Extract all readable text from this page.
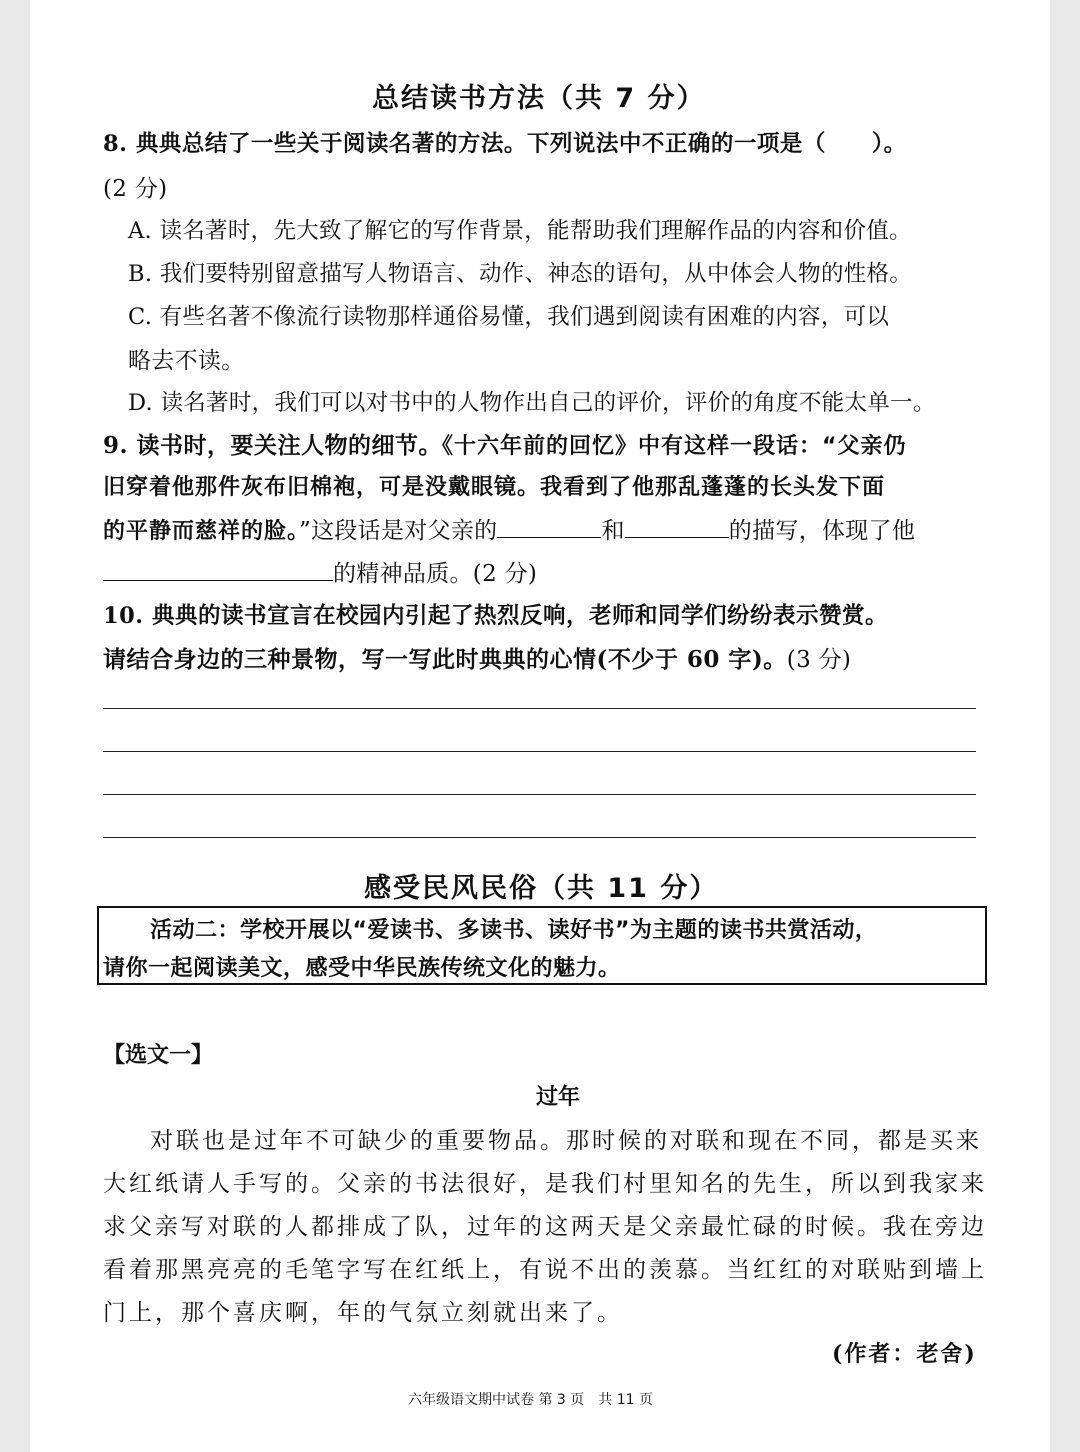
总结读书方法（共 7 分）
8. 典典总结了一些关于阅读名著的方法。下列说法中不正确的一项是（　　）。
(2 分)
A. 读名著时，先大致了解它的写作背景，能帮助我们理解作品的内容和价值。
B. 我们要特别留意描写人物语言、动作、神态的语句，从中体会人物的性格。
C. 有些名著不像流行读物那样通俗易懂，我们遇到阅读有困难的内容，可以
略去不读。
D. 读名著时，我们可以对书中的人物作出自己的评价，评价的角度不能太单一。
9. 读书时，要关注人物的细节。《十六年前的回忆》中有这样一段话：“父亲仍
旧穿着他那件灰布旧棉袍，可是没戴眼镜。我看到了他那乱蓬蓬的长头发下面
的平静而慈祥的脸。”这段话是对父亲的	和	的描写，体现了他
的精神品质。(2 分)
10. 典典的读书宣言在校园内引起了热烈反响，老师和同学们纷纷表示赞赏。
请结合身边的三种景物，写一写此时典典的心情(不少于 60 字)。(3 分)
感受民风民俗（共 11 分）
活动二：学校开展以“爱读书、多读书、读好书”为主题的读书共赏活动，
请你一起阅读美文，感受中华民族传统文化的魅力。
【选文一】
过年
对联也是过年不可缺少的重要物品。那时候的对联和现在不同，都是买来
大红纸请人手写的。父亲的书法很好，是我们村里知名的先生，所以到我家来
求父亲写对联的人都排成了队，过年的这两天是父亲最忙碌的时候。我在旁边
看着那黑亮亮的毛笔字写在红纸上，有说不出的羡慕。当红红的对联贴到墙上
门上，那个喜庆啊，年的气氛立刻就出来了。
(作者：老舍)
六年级语文期中试卷 第 3 页　共 11 页
